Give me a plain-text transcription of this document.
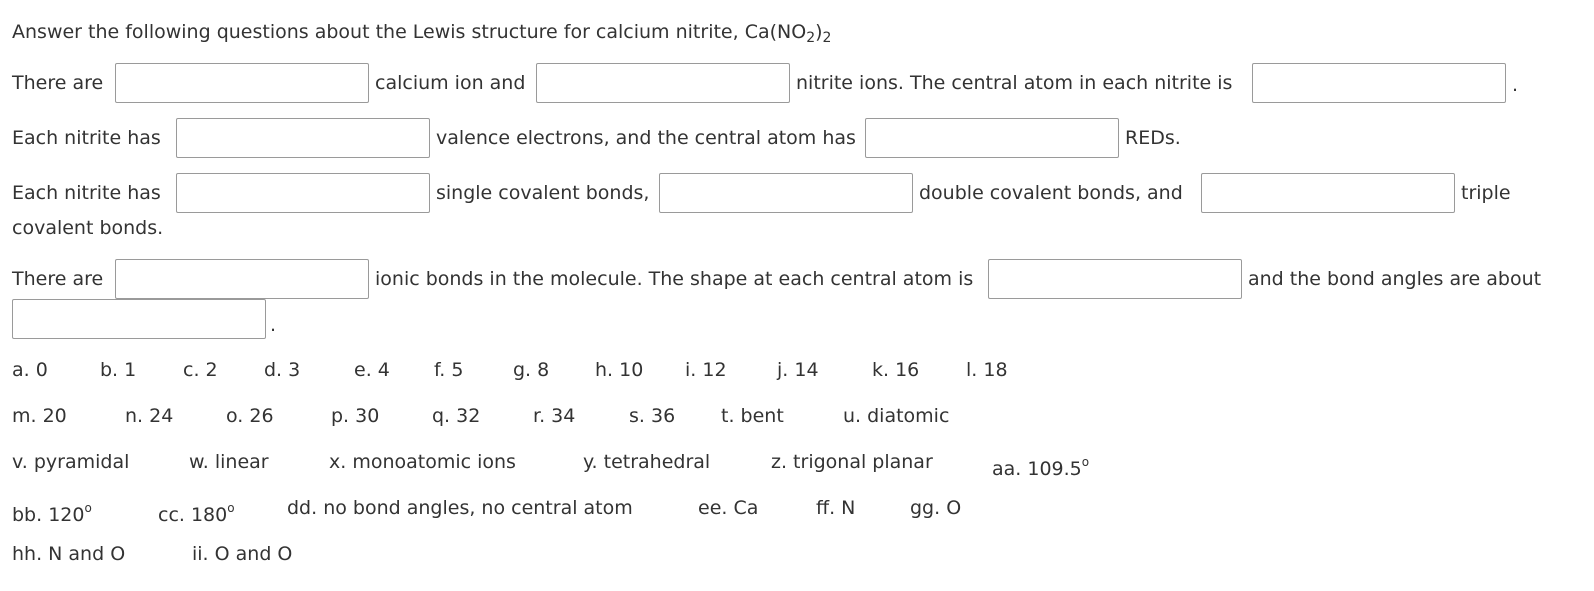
Answer the following questions about the Lewis structure for calcium nitrite, $Ca(NO_2)_2$
There are	calcium ion and	nitrite ions. The central atom in each nitrite is	.
Each nitrite has	valence electrons, and the central atom has	REDs.
Each nitrite has	single covalent bonds,	double covalent bonds, and	triple
covalent bonds.
There are	ionic bonds in the molecule. The shape at each central atom is	and the bond angles are about
.
a. 0	b. 1 c. 2 d. 3	e. 4 f. 5	g. 8 h. 10 i. 12	j. 14	k. 16 l. 18
m. 20	n. 24	o. 26	p. 30	q. 32	r. 34	s. 36 t. bent	u. diatomic
v. pyramidal	w. linear	x. monoatomic ions	y. tetrahedral	z. trigonal planar	aa. 109.5$^o$
bb. 120$^o$	cc. 180$^o$	dd. no bond angles, no central atom	ee. Ca	ff. N	gg. O
hh. N and O	ii. O and O
